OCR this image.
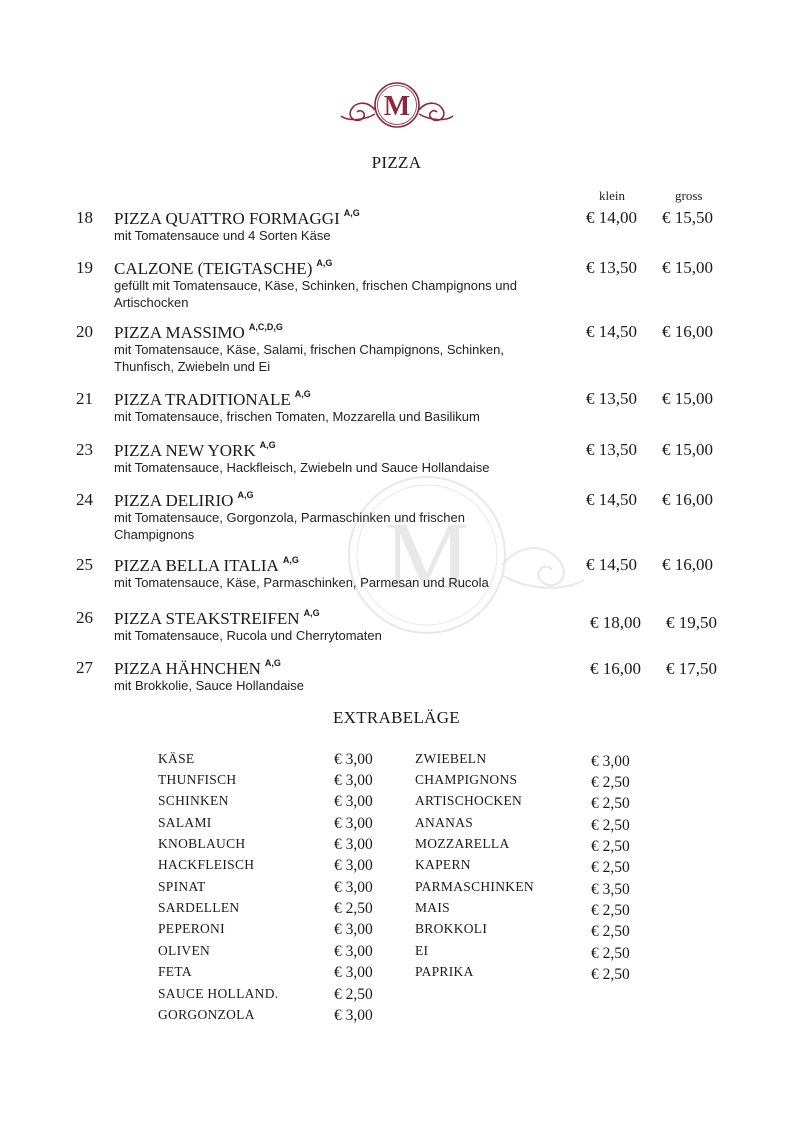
M
M
PIZZA
klein	gross
18 PIZZA QUATTRO FORMAGGI $^{A,G}$
mit Tomatensauce und 4 Sorten Käse
€ 14,00 € 15,50
19 CALZONE (TEIGTASCHE) $^{A,G}$
gefüllt mit Tomatensauce, Käse, Schinken, frischen Champignons und Artischocken
€ 13,50 € 15,00
20 PIZZA MASSIMO $^{A,C,D,G}$
mit Tomatensauce, Käse, Salami, frischen Champignons, Schinken, Thunfisch, Zwiebeln und Ei
€ 14,50 € 16,00
21 PIZZA TRADITIONALE $^{A,G}$
mit Tomatensauce, frischen Tomaten, Mozzarella und Basilikum
€ 13,50 € 15,00
23 PIZZA NEW YORK $^{A,G}$
mit Tomatensauce, Hackfleisch, Zwiebeln und Sauce Hollandaise
€ 13,50 € 15,00
24 PIZZA DELIRIO $^{A,G}$
mit Tomatensauce, Gorgonzola, Parmaschinken und frischen Champignons
€ 14,50 € 16,00
25 PIZZA BELLA ITALIA $^{A,G}$
mit Tomatensauce, Käse, Parmaschinken, Parmesan und Rucola
€ 14,50 € 16,00
26 PIZZA STEAKSTREIFEN $^{A,G}$
mit Tomatensauce, Rucola und Cherrytomaten
€ 18,00 € 19,50
27 PIZZA HÄHNCHEN $^{A,G}$
mit Brokkolie, Sauce Hollandaise
€ 16,00 € 17,50
EXTRABELÄGE
KÄSE	€ 3,00
THUNFISCH	€ 3,00
SCHINKEN	€ 3,00
SALAMI	€ 3,00
KNOBLAUCH	€ 3,00
HACKFLEISCH	€ 3,00
SPINAT	€ 3,00
SARDELLEN	€ 2,50
PEPERONI	€ 3,00
OLIVEN	€ 3,00
FETA	€ 3,00
SAUCE HOLLAND.	€ 2,50
GORGONZOLA	€ 3,00
ZWIEBELN	€ 3,00
CHAMPIGNONS	€ 2,50
ARTISCHOCKEN	€ 2,50
ANANAS	€ 2,50
MOZZARELLA	€ 2,50
KAPERN	€ 2,50
PARMASCHINKEN	€ 3,50
MAIS	€ 2,50
BROKKOLI	€ 2,50
EI	€ 2,50
PAPRIKA	€ 2,50
